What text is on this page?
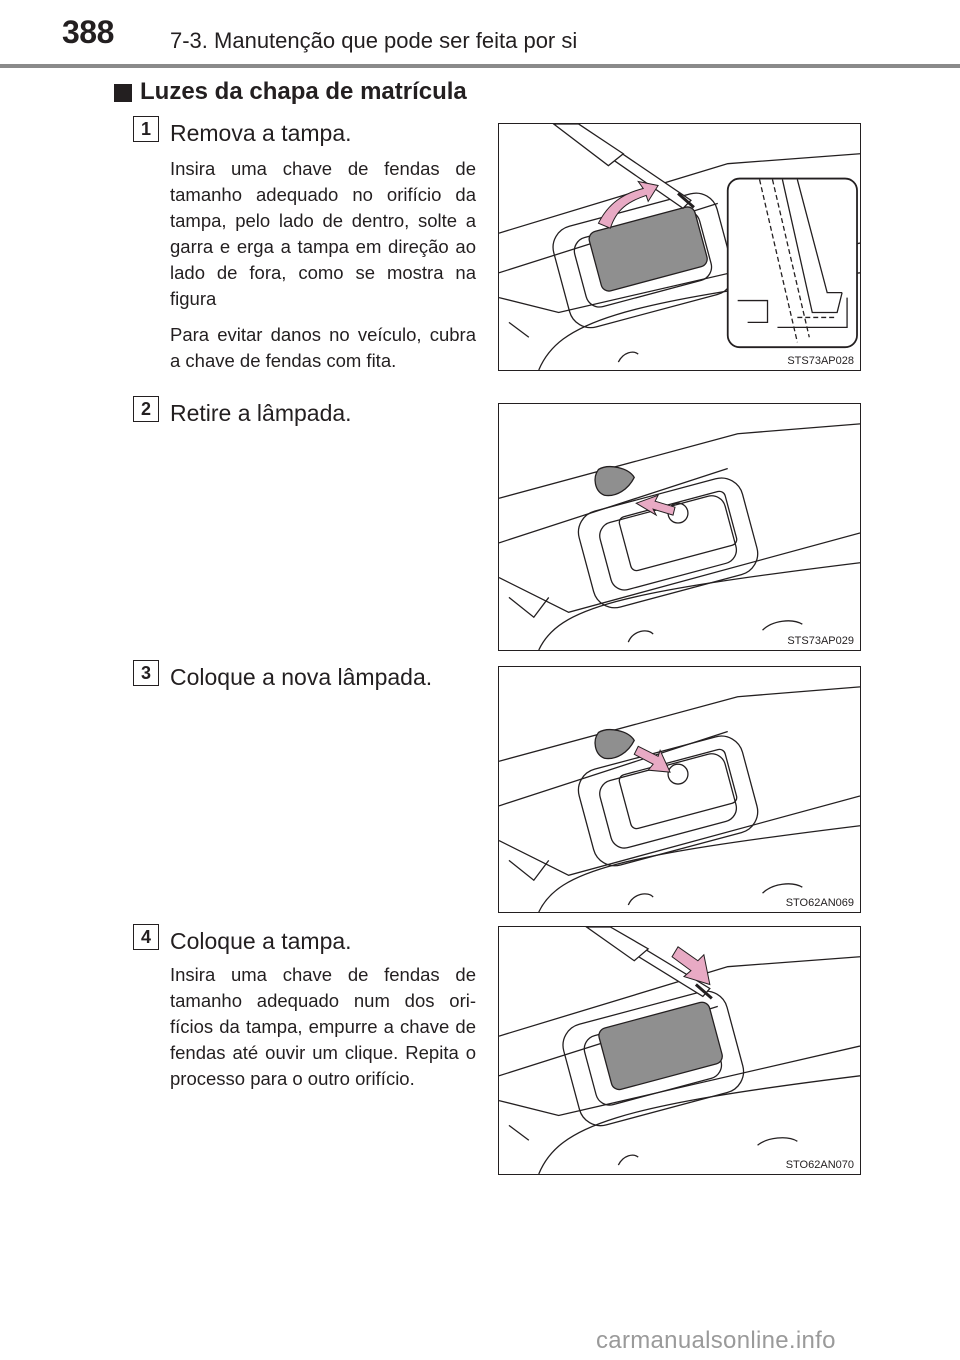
388	7-3. Manutenção que pode ser feita por si
Luzes da chapa de matrícula
1 Remova a tampa.

Insira uma chave de fendas de tamanho adequado no orifício da tampa, pelo lado de dentro, solte a garra e erga a tampa em direção ao lado de fora, como se mostra na figura

Para evitar danos no veículo, cubra a chave de fendas com fita.	STS73AP028
2 Retire a lâmpada.
STS73AP029
3 Coloque a nova lâmpada.
STO62AN069
4 Coloque a tampa.

Insira uma chave de fendas de tamanho adequado num dos ori-fícios da tampa, empurre a chave de fendas até ouvir um clique. Repita o processo para o outro orifício.

STO62AN070
carmanualsonline.info
